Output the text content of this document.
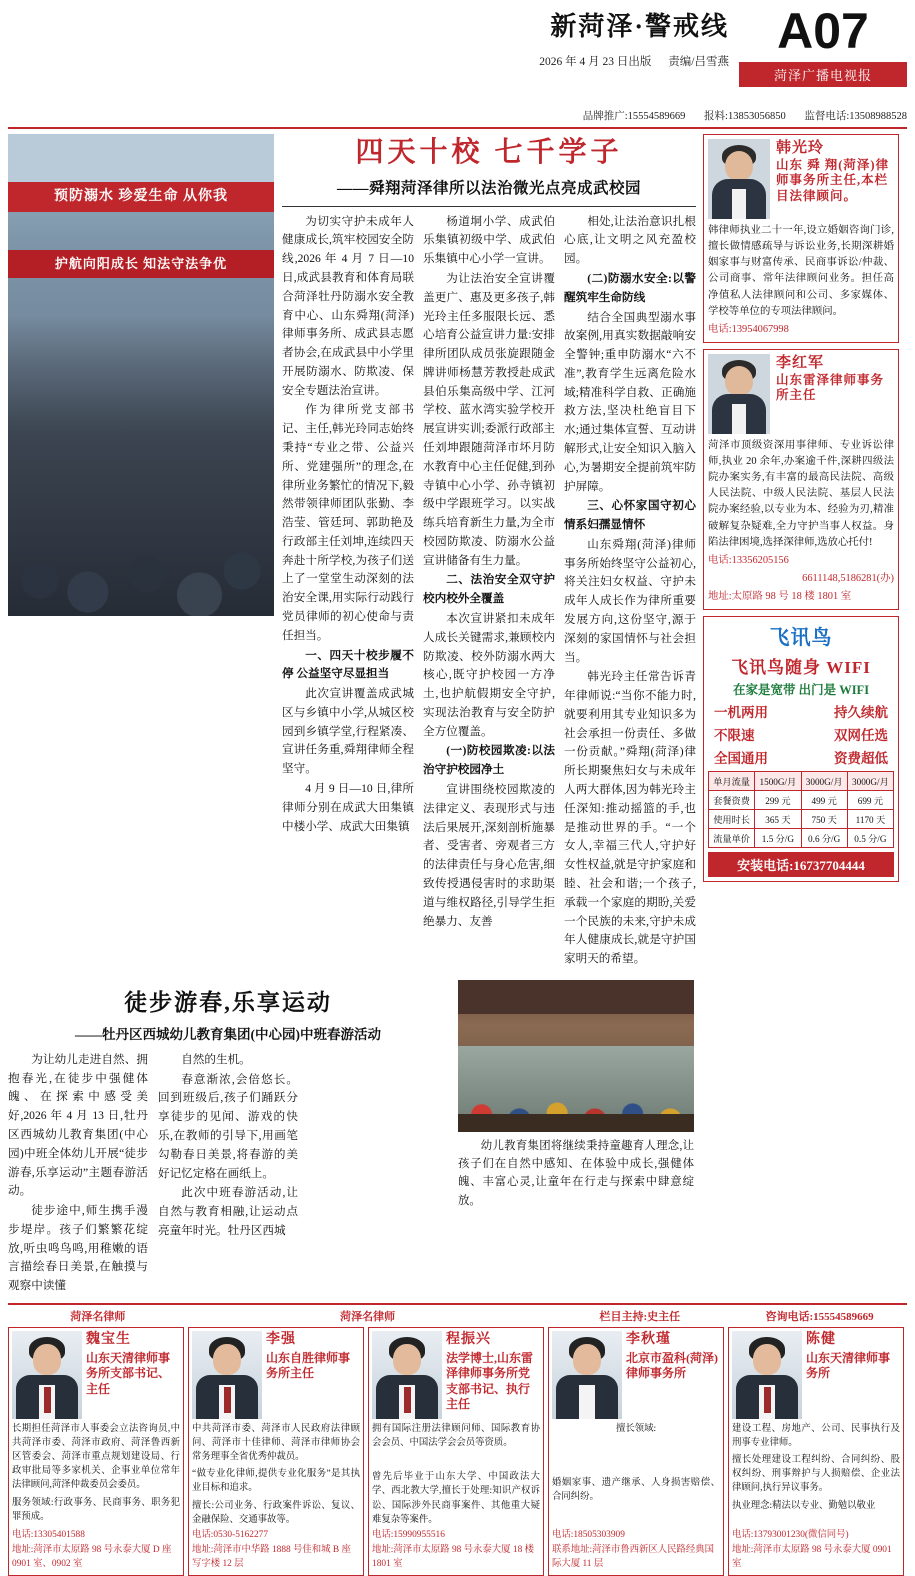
新菏泽·警戒线
2026 年 4 月 23 日出版 责编/吕雪燕
A07
菏泽广播电视报
品牌推广:15554589669 报料:13853056850 监督电话:13508988528
预防溺水 珍爱生命 从你我
护航向阳成长 知法守法争优
四天十校 七千学子
——舜翔菏泽律所以法治微光点亮成武校园

为切实守护未成年人健康成长,筑牢校园安全防线,2026 年 4 月 7 日—10 日,成武县教育和体育局联合菏泽牡丹防溺水安全教育中心、山东舜翔(菏泽)律师事务所、成武县志愿者协会,在成武县中小学里开展防溺水、防欺凌、保安全专题法治宣讲。

作为律所党支部书记、主任,韩光玲同志始终秉持“专业之带、公益兴所、党建强所”的理念,在律所业务繁忙的情况下,毅然带领律师团队张勤、李浩莹、管廷珂、郭助艳及行政部主任刘坤,连续四天奔赴十所学校,为孩子们送上了一堂堂生动深刻的法治安全课,用实际行动践行党员律师的初心使命与责任担当。

一、四天十校步履不停 公益坚守尽显担当

此次宣讲覆盖成武城区与乡镇中小学,从城区校园到乡镇学堂,行程紧凑、宣讲任务重,舜翔律师全程坚守。

4 月 9 日—10 日,律所律师分别在成武大田集镇中楼小学、成武大田集镇

杨道垌小学、成武伯乐集镇初级中学、成武伯乐集镇中心小学一宣讲。

为让法治安全宣讲覆盖更广、惠及更多孩子,韩光玲主任多服限长远、悉心培育公益宣讲力量:安排律所团队成员张旋跟随金牌讲师杨慧芳教授赴成武县伯乐集高级中学、江河学校、蓝水湾实验学校开展宣讲实训;委派行政部主任刘坤跟随菏泽市坏月防水教育中心主任促健,到孙寺镇中心小学、孙寺镇初级中学跟班学习。以实战练兵培育新生力量,为全市校园防欺凌、防溺水公益宣讲储备有生力量。

二、法治安全双守护 校内校外全覆盖

本次宣讲紧扣未成年人成长关键需求,兼顾校内防欺凌、校外防溺水两大核心,既守护校园一方净土,也护航假期安全守护,实现法治教育与安全防护全方位覆盖。

(一)防校园欺凌:以法治守护校园净土

宣讲围绕校园欺凌的法律定义、表现形式与违法后果展开,深刻剖析施暴者、受害者、旁观者三方的法律责任与身心危害,细致传授遇侵害时的求助渠道与维权路径,引导学生拒绝暴力、友善

相处,让法治意识扎根心底,让文明之风充盈校园。

(二)防溺水安全:以警醒筑牢生命防线

结合全国典型溺水事故案例,用真实数据敲响安全警钟;重申防溺水“六不准”,教育学生远离危险水域;精准科学自救、正确施救方法,坚决杜绝盲目下水;通过集体宣誓、互动讲解形式,让安全知识入脑入心,为暑期安全提前筑牢防护屏障。

三、心怀家国守初心 情系妇孺显情怀

山东舜翔(菏泽)律师事务所始终坚守公益初心,将关注妇女权益、守护未成年人成长作为律所重要发展方向,这份坚守,源于深刻的家国情怀与社会担当。

韩光玲主任常告诉青年律师说:“当你不能力时,就要利用其专业知识多为社会承担一份责任、多做一份贡献。”舜翔(菏泽)律所长期聚焦妇女与未成年人两大群体,因为韩光玲主任深知:推动摇篮的手,也是推动世界的手。“一个女人,幸福三代人,守护好女性权益,就是守护家庭和睦、社会和谐;一个孩子,承载一个家庭的期盼,关爱一个民族的未来,守护未成年人健康成长,就是守护国家明天的希望。

徒步游春,乐享运动
——牡丹区西城幼儿教育集团(中心园)中班春游活动

为让幼儿走进自然、拥抱春光,在徒步中强健体魄、在探索中感受美好,2026 年 4 月 13 日,牡丹区西城幼儿教育集团(中心园)中班全体幼儿开展“徒步游春,乐享运动”主题春游活动。

徒步途中,师生携手漫步堤岸。孩子们繁繁花绽放,听虫鸣鸟鸣,用稚嫩的语言描绘春日美景,在触摸与观察中读懂

自然的生机。

春意渐浓,会倍悠长。回到班级后,孩子们踊跃分享徒步的见闻、游戏的快乐,在教师的引导下,用画笔勾勒春日美景,将春游的美好记忆定格在画纸上。

此次中班春游活动,让自然与教育相融,让运动点亮童年时光。牡丹区西城

幼儿教育集团将继续秉持童趣育人理念,让孩子们在自然中感知、在体验中成长,强健体魄、丰富心灵,让童年在行走与探索中肆意绽放。
韩光玲
山东 舜 翔(菏泽)律师事务所主任,本栏目法律顾问。
韩律师执业二十一年,设立婚姻咨询门诊,擅长做情感疏导与诉讼业务,长期深耕婚姻家事与财富传承、民商事诉讼/仲裁、公司商事、常年法律顾问业务。担任高净值私人法律顾问和公司、多家媒体、学校等单位的专项法律顾问。
电话:13954067998
李红军
山东雷泽律师事务所主任
菏泽市顶级资深用事律师、专业诉讼律师,执业 20 余年,办案逾千件,深耕四级法院办案实务,有丰富的最高民法院、高级人民法院、中级人民法院、基层人民法院办案经验,以专业为本、经验为刃,精准破解复杂疑难,全力守护当事人权益。身陷法律困境,选择深律师,选放心托付!
电话:13356205156
6611148,5186281(办)
地址:太原路 98 号 18 楼 1801 室
飞讯鸟
飞讯鸟随身 WIFI
在家是宽带 出门是 WIFI
一机两用	持久续航
不限速	双网任选
全国通用	资费超低
单月流量	1500G/月	3000G/月	3000G/月
套餐资费	299 元	499 元	699 元
使用时长	365 天	750 天	1170 天
流量单价	1.5 分/G	0.6 分/G	0.5 分/G
安装电话:16737704444
菏泽名律师	菏泽名律师	栏目主持:史主任	咨询电话:15554589669
魏宝生
山东天清律师事务所支部书记、主任
长期担任菏泽市人事委会立法咨询员,中共菏泽市委、菏泽市政府、菏泽鲁西新区管委会、菏泽市重点规划建设局、行政审批局等多家机关、企事业单位常年法律顾问,菏泽仲裁委员会委员。
服务领域:行政事务、民商事务、职务犯罪预成。
电话:13305401588
地址:菏泽市太原路 98 号永泰大厦 D 座 0901 室、0902 室
李强
山东自胜律师事务所主任
中共菏泽市委、菏泽市人民政府法律顾问、菏泽市十佳律师、菏泽市律师协会常务理事全省优秀仲裁员。
“做专业化律师,提供专业化服务”是其执业目标和追求。
擅长:公司业务、行政案件诉讼、复议、金融保险、交通事故等。
电话:0530-5162277
地址:菏泽市中华路 1888 号佳和城 B 座写字楼 12 层
程振兴
法学博士,山东雷泽律师事务所党支部书记、执行主任
拥有国际注册法律顾问师、国际教育协会会员、中国法学会会员等资质。
曾先后毕业于山东大学、中国政法大学、西北教大学,擅长于处理:知识产权诉讼、国际涉外民商事案件、其他重大疑难复杂等案件。
电话:15990955516
地址:菏泽市太原路 98 号永泰大厦 18 楼 1801 室
李秋瑾
北京市盈科(菏泽)律师事务所
擅长领域:
婚姻家事、遗产继承、人身损害赔偿、合同纠纷。
电话:18505303909
联系地址:菏泽市鲁西新区人民路经典国际大厦 11 层
陈健
山东天清律师事务所
建设工程、房地产、公司、民事执行及刑事专业律师。
擅长处理建设工程纠纷、合同纠纷、股权纠纷、刑事辩护与人损赔偿、企业法律顾问,执行异议事务。
执业理念:精法以专业、勤勉以敬业
电话:13793001230(微信同号)
地址:菏泽市太原路 98 号永泰大厦 0901 室
